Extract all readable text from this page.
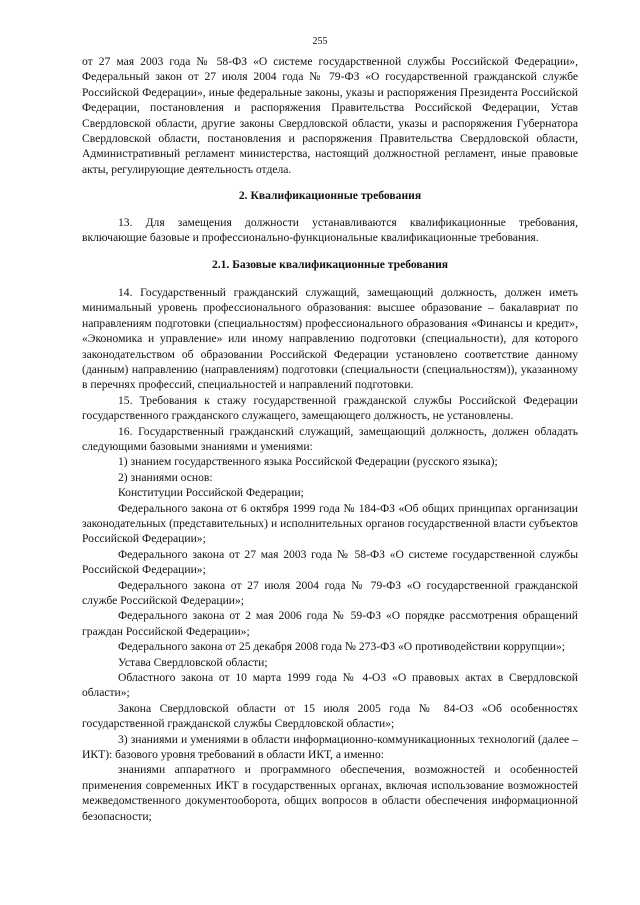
255

от 27 мая 2003 года № 58-ФЗ «О системе государственной службы Российской Федерации», Федеральный закон от 27 июля 2004 года № 79-ФЗ «О государственной гражданской службе Российской Федерации», иные федеральные законы, указы и распоряжения Президента Российской Федерации, постановления и распоряжения Правительства Российской Федерации, Устав Свердловской области, другие законы Свердловской области, указы и распоряжения Губернатора Свердловской области, постановления и распоряжения Правительства Свердловской области, Административный регламент министерства, настоящий должностной регламент, иные правовые акты, регулирующие деятельность отдела.

2. Квалификационные требования

13. Для замещения должности устанавливаются квалификационные требования, включающие базовые и профессионально-функциональные квалификационные требования.

2.1. Базовые квалификационные требования

14. Государственный гражданский служащий, замещающий должность, должен иметь минимальный уровень профессионального образования: высшее образование – бакалавриат по направлениям подготовки (специальностям) профессионального образования «Финансы и кредит», «Экономика и управление» или иному направлению подготовки (специальности), для которого законодательством об образовании Российской Федерации установлено соответствие данному (данным) направлению (направлениям) подготовки (специальности (специальностям)), указанному в перечнях профессий, специальностей и направлений подготовки.

15. Требования к стажу государственной гражданской службы Российской Федерации государственного гражданского служащего, замещающего должность, не установлены.

16. Государственный гражданский служащий, замещающий должность, должен обладать следующими базовыми знаниями и умениями:

1) знанием государственного языка Российской Федерации (русского языка);

2) знаниями основ:

Конституции Российской Федерации;

Федерального закона от 6 октября 1999 года № 184-ФЗ «Об общих принципах организации законодательных (представительных) и исполнительных органов государственной власти субъектов Российской Федерации»;

Федерального закона от 27 мая 2003 года № 58-ФЗ «О системе государственной службы Российской Федерации»;

Федерального закона от 27 июля 2004 года № 79-ФЗ «О государственной гражданской службе Российской Федерации»;

Федерального закона от 2 мая 2006 года № 59-ФЗ «О порядке рассмотрения обращений граждан Российской Федерации»;

Федерального закона от 25 декабря 2008 года № 273-ФЗ «О противодействии коррупции»;

Устава Свердловской области;

Областного закона от 10 марта 1999 года № 4-ОЗ «О правовых актах в Свердловской области»;

Закона Свердловской области от 15 июля 2005 года № 84-ОЗ «Об особенностях государственной гражданской службы Свердловской области»;

3) знаниями и умениями в области информационно-коммуникационных технологий (далее – ИКТ): базового уровня требований в области ИКТ, а именно:

знаниями аппаратного и программного обеспечения, возможностей и особенностей применения современных ИКТ в государственных органах, включая использование возможностей межведомственного документооборота, общих вопросов в области обеспечения информационной безопасности;
